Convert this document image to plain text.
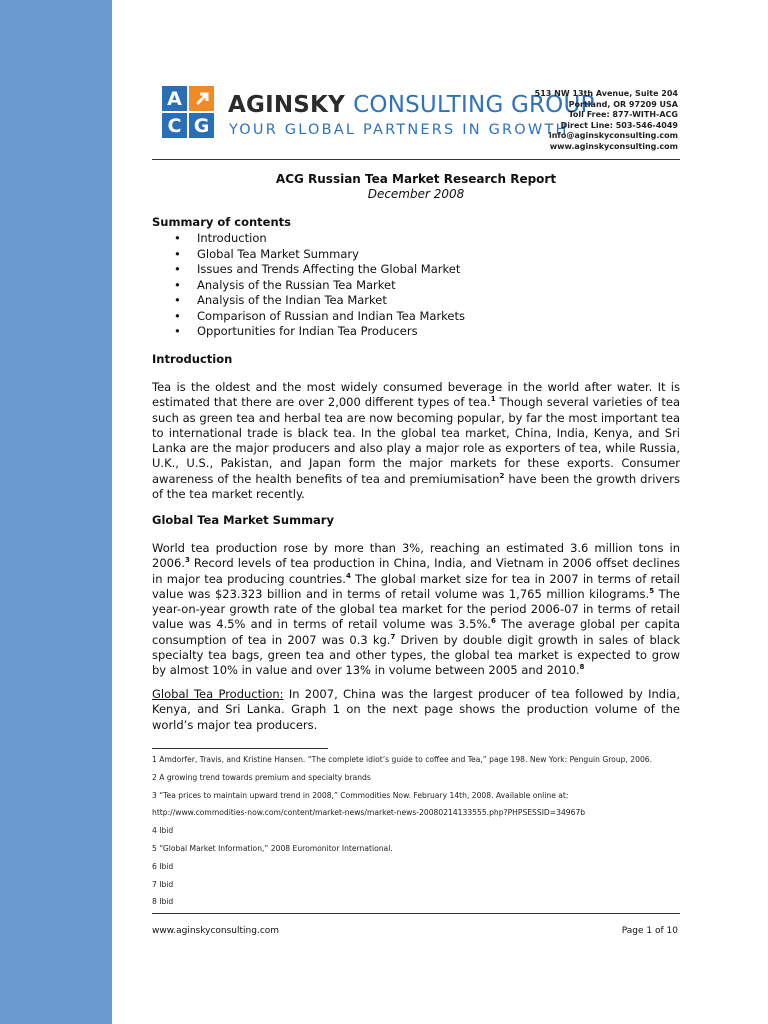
A
C G
AGINSKY CONSULTING GROUP
YOUR GLOBAL PARTNERS IN GROWTH
513 NW 13th Avenue, Suite 204
Portland, OR 97209 USA
Toll Free: 877-WITH-ACG
Direct Line: 503-546-4049
info@aginskyconsulting.com
www.aginskyconsulting.com
ACG Russian Tea Market Research Report
December 2008
Summary of contents
• Introduction
• Global Tea Market Summary
• Issues and Trends Affecting the Global Market
• Analysis of the Russian Tea Market
• Analysis of the Indian Tea Market
• Comparison of Russian and Indian Tea Markets
• Opportunities for Indian Tea Producers
Introduction

Tea is the oldest and the most widely consumed beverage in the world after water. It is estimated that there are over 2,000 different types of tea.$^1$ Though several varieties of tea such as green tea and herbal tea are now becoming popular, by far the most important tea to international trade is black tea. In the global tea market, China, India, Kenya, and Sri Lanka are the major producers and also play a major role as exporters of tea, while Russia, U.K., U.S., Pakistan, and Japan form the major markets for these exports. Consumer awareness of the health benefits of tea and premiumisation$^2$ have been the growth drivers of the tea market recently.

Global Tea Market Summary

World tea production rose by more than 3%, reaching an estimated 3.6 million tons in 2006.$^3$ Record levels of tea production in China, India, and Vietnam in 2006 offset declines in major tea producing countries.$^4$ The global market size for tea in 2007 in terms of retail value was $23.323 billion and in terms of retail volume was 1,765 million kilograms.$^5$ The year-on-year growth rate of the global tea market for the period 2006-07 in terms of retail value was 4.5% and in terms of retail volume was 3.5%.$^6$ The average global per capita consumption of tea in 2007 was 0.3 kg.$^7$ Driven by double digit growth in sales of black specialty tea bags, green tea and other types, the global tea market is expected to grow by almost 10% in value and over 13% in volume between 2005 and 2010.$^8$

Global Tea Production: In 2007, China was the largest producer of tea followed by India, Kenya, and Sri Lanka. Graph 1 on the next page shows the production volume of the world’s major tea producers.

1 Amdorfer, Travis, and Kristine Hansen. “The complete idiot’s guide to coffee and Tea,” page 198. New York: Penguin Group, 2006.
2 A growing trend towards premium and specialty brands
3 “Tea prices to maintain upward trend in 2008,” Commodities Now. February 14th, 2008. Available online at:
http://www.commodities-now.com/content/market-news/market-news-20080214133555.php?PHPSESSID=34967b
4 Ibid
5 “Global Market Information,” 2008 Euromonitor International.
6 Ibid
7 Ibid
8 Ibid
www.aginskyconsulting.com	Page 1 of 10
